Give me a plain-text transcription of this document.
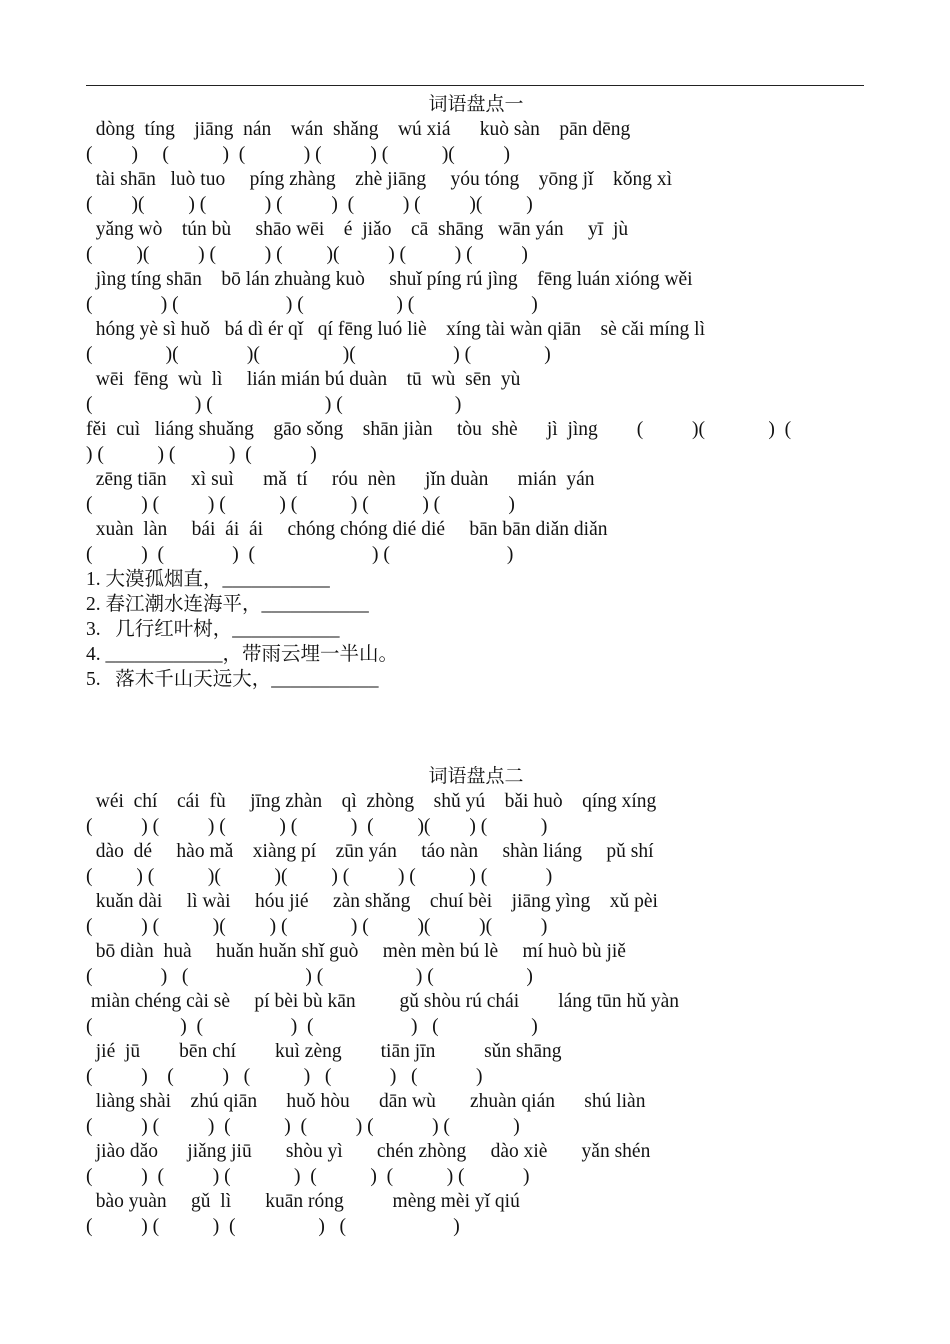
词语盘点一
dòng  tíng    jiāng  nán    wán  shǎng    wú xiá      kuò sàn    pān dēng
(        )     (           )  (            ) (          ) (           )(          )
tài shān   luò tuo     píng zhàng    zhè jiāng     yóu tóng    yōng jǐ    kǒng xì
(        )(         ) (            ) (          )  (          ) (          )(         )
yǎng wò    tún bù     shāo wēi    é  jiǎo    cā  shāng   wān yán     yī  jù
(         )(          ) (          ) (         )(          ) (          ) (          )
jìng tíng shān    bō lán zhuàng kuò     shuǐ píng rú jìng    fēng luán xióng wěi
(              ) (                      ) (                   ) (                        )
hóng yè sì huǒ   bá dì ér qǐ   qí fēng luó liè    xíng tài wàn qiān    sè cǎi míng lì
(               )(              )(                 )(                    ) (               )
wēi  fēng  wù  lì     lián mián bú duàn    tū  wù  sēn  yù
(                     ) (                       ) (                       )
fěi  cuì   liáng shuǎng    gāo sǒng    shān jiàn     tòu  shè      jì  jìng        (          )(             )  (
) (           ) (           )  (            )
zēng tiān     xì suì      mǎ  tí     róu  nèn      jǐn duàn      mián  yán
(          ) (          ) (           ) (           ) (           ) (              )
xuàn  làn     bái  ái  ái     chóng chóng dié dié     bān bān diǎn diǎn
(          )  (              )  (                        ) (                        )
1. 大漠孤烟直，___________
2. 春江潮水连海平，___________
3.   几行红叶树，___________
4. ____________，带雨云埋一半山。
5.   落木千山天远大，___________
词语盘点二
wéi  chí    cái  fù     jīng zhàn    qì  zhòng    shǔ yú    bǎi huò    qíng xíng
(          ) (          ) (           ) (           )  (         )(        ) (           )
dào  dé     hào mǎ    xiàng pí    zūn yán     táo nàn     shàn liáng     pǔ shí
(         ) (           )(           )(         ) (          ) (           ) (            )
kuǎn dài     lì wài     hóu jié     zàn shǎng    chuí bèi    jiāng yìng    xǔ pèi
(          ) (           )(         ) (             ) (          )(          )(          )
bō diàn  huà     huǎn huǎn shǐ guò     mèn mèn bú lè     mí huò bù jiě
(              )   (                        ) (                   ) (                   )
miàn chéng cài sè     pí bèi bù kān         gǔ shòu rú chái        láng tūn hǔ yàn
(                  )  (                  )  (                    )   (                   )
jié  jū        bēn chí        kuì zèng        tiān jīn          sǔn shāng
(          )    (          )   (           )   (            )   (            )
liàng shài    zhú qiān      huǒ hòu      dān wù       zhuàn qián      shú liàn
(          ) (          )  (           )  (          ) (            ) (             )
jiào dǎo      jiǎng jiū       shòu yì       chén zhòng     dào xiè       yǎn shén
(          )  (          ) (             )  (           )  (           ) (            )
bào yuàn     gǔ  lì       kuān róng          mèng mèi yǐ qiú
(          ) (           )  (                 )   (                      )
